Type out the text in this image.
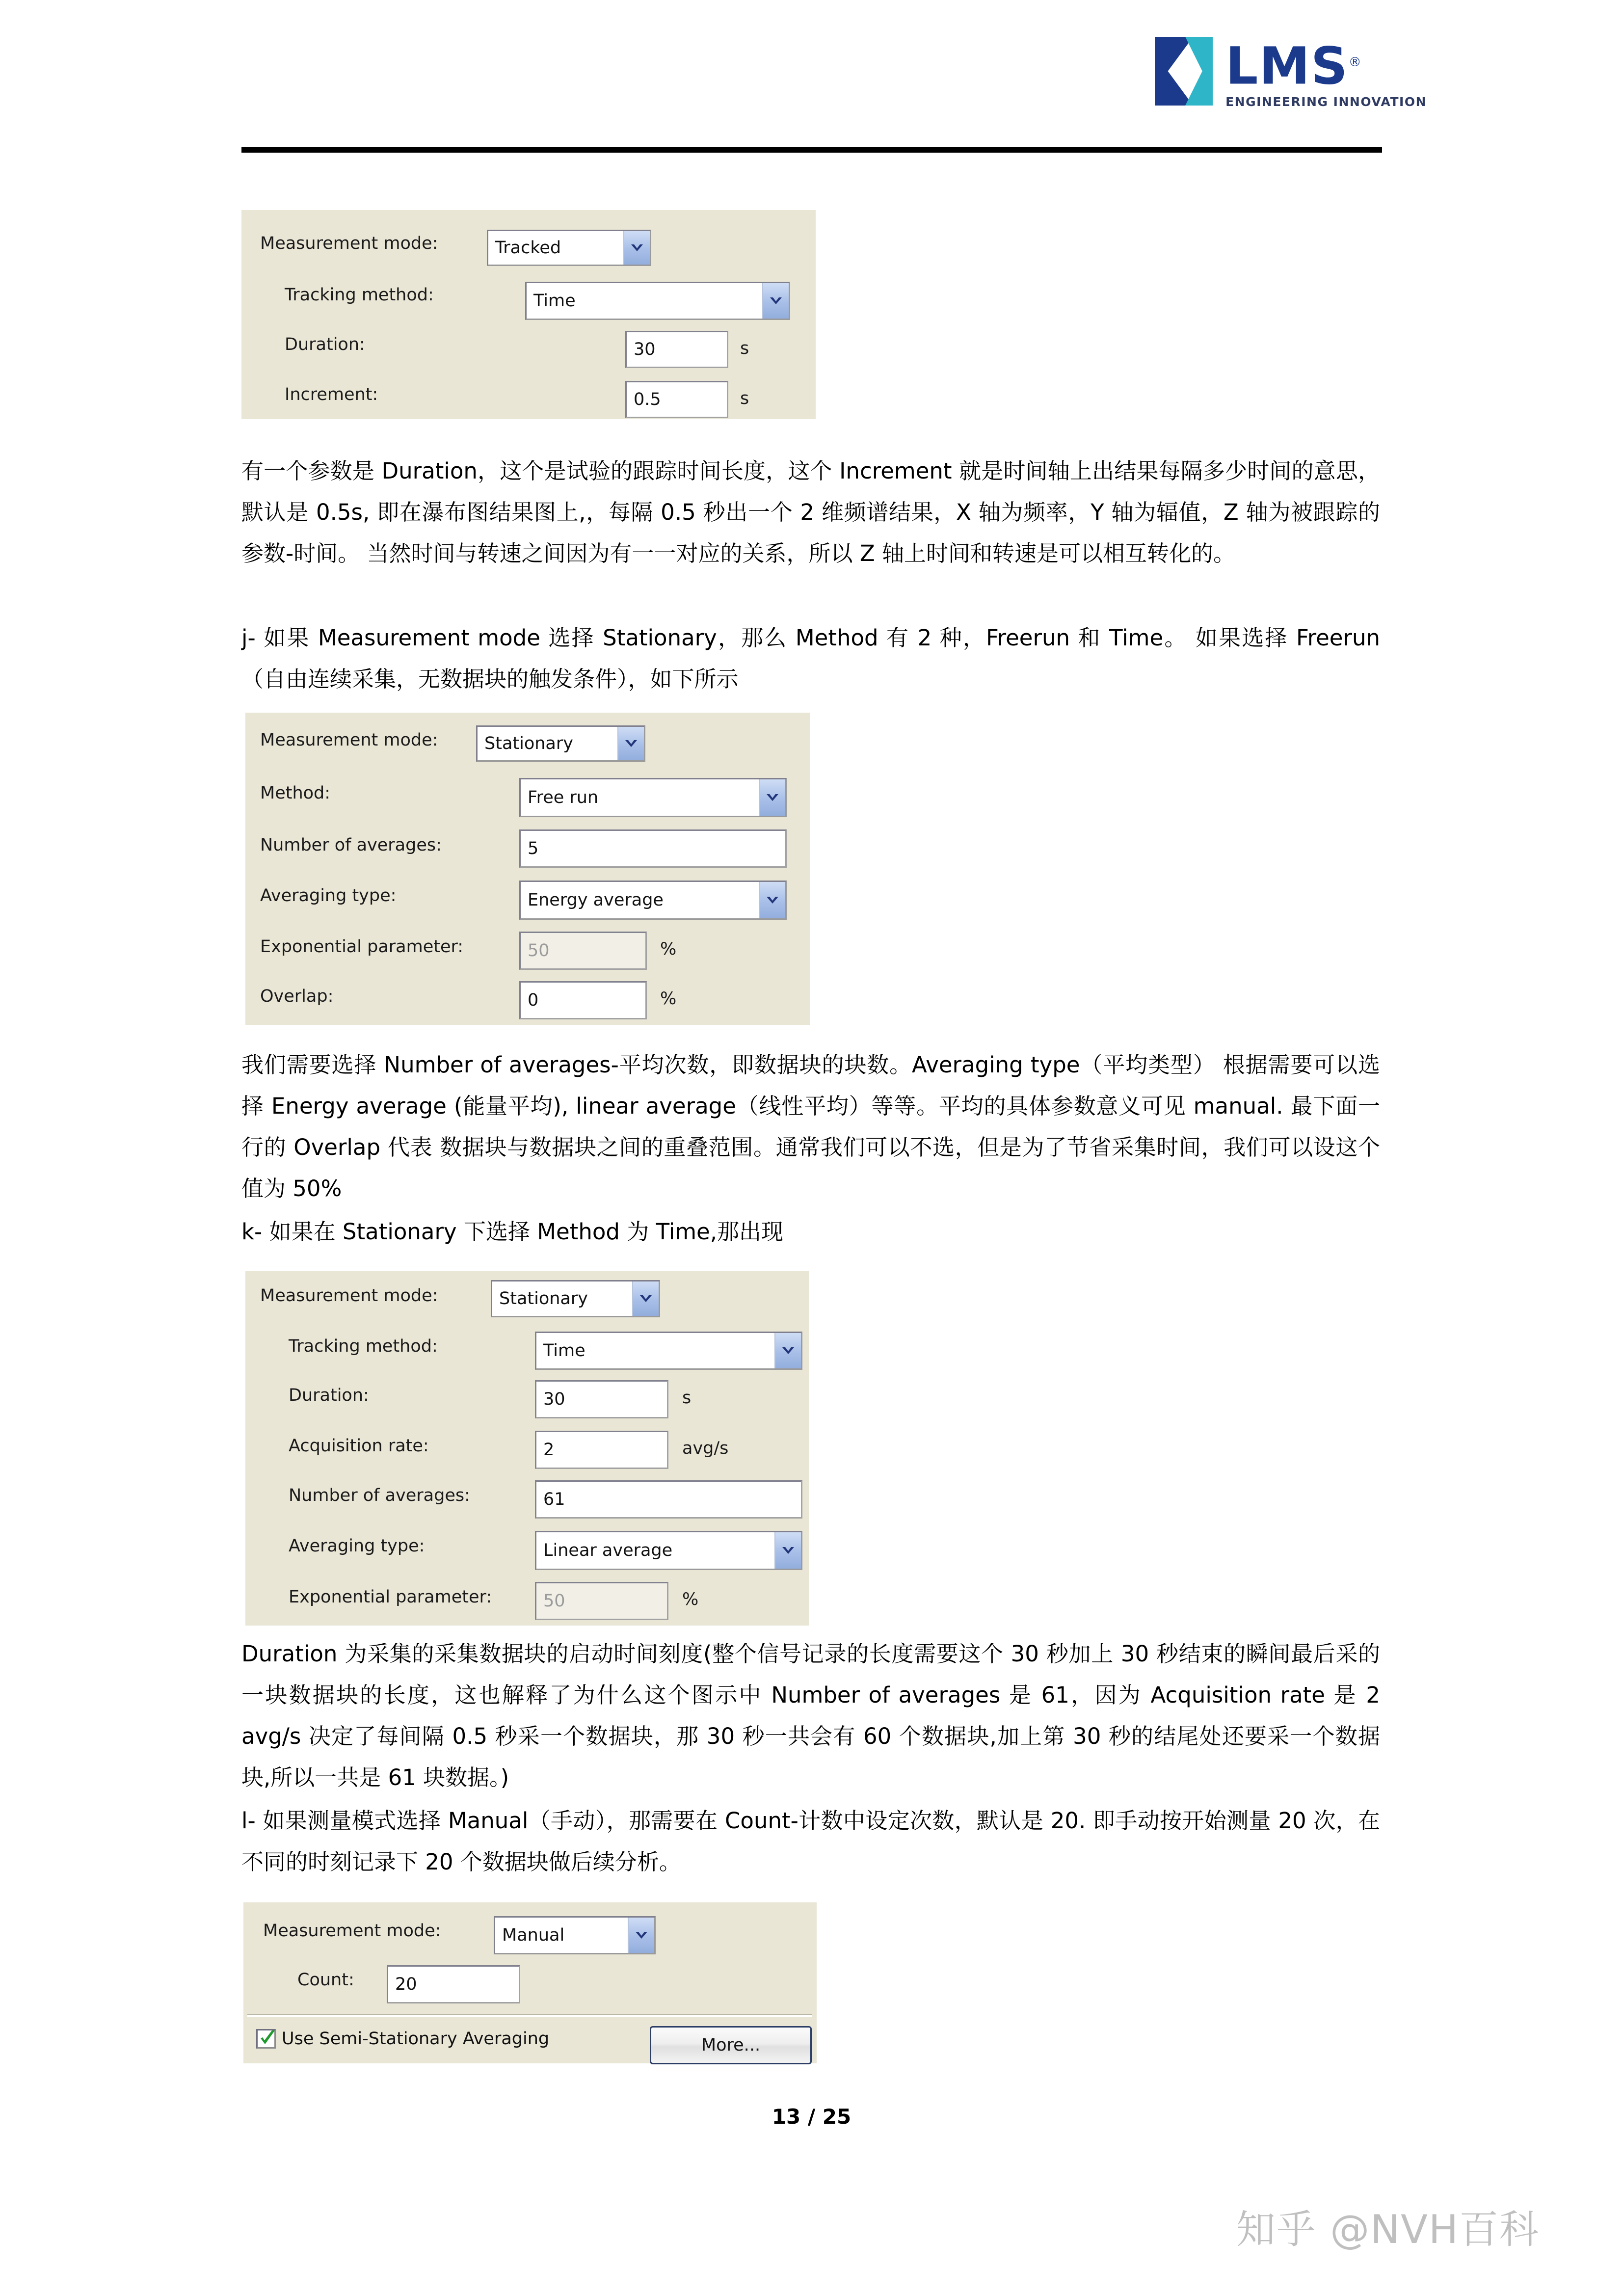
LMS®
ENGINEERING INNOVATION
Measurement mode:	Tracked
Tracking method:	Time
Duration:	30	s
Increment:	0.5	s
有一个参数是 Duration，这个是试验的跟踪时间长度，这个 Increment 就是时间轴上出结果每隔多少时间的意思， 默认是 0.5s, 即在瀑布图结果图上,，每隔 0.5 秒出一个 2 维频谱结果，X 轴为频率，Y 轴为辐值，Z 轴为被跟踪的参数-时间。 当然时间与转速之间因为有一一对应的关系，所以 Z 轴上时间和转速是可以相互转化的。
j- 如果 Measurement mode 选择 Stationary，那么 Method 有 2 种，Freerun 和 Time。 如果选择 Freerun（自由连续采集，无数据块的触发条件），如下所示
Measurement mode:	Stationary
Method:	Free run
Number of averages:	5
Averaging type:	Energy average
Exponential parameter:	50	%
Overlap:	0	%
我们需要选择 Number of averages-平均次数，即数据块的块数。Averaging type（平均类型） 根据需要可以选择 Energy average (能量平均), linear average（线性平均）等等。平均的具体参数意义可见 manual. 最下面一行的 Overlap 代表 数据块与数据块之间的重叠范围。通常我们可以不选，但是为了节省采集时间，我们可以设这个值为 50%
k- 如果在 Stationary 下选择 Method 为 Time,那出现
Measurement mode:	Stationary
Tracking method:	Time
Duration:	30	s
Acquisition rate:	2	avg/s
Number of averages:	61
Averaging type:	Linear average
Exponential parameter:	50	%
Duration 为采集的采集数据块的启动时间刻度(整个信号记录的长度需要这个 30 秒加上 30 秒结束的瞬间最后采的一块数据块的长度，这也解释了为什么这个图示中 Number of averages 是 61，因为 Acquisition rate 是 2 avg/s 决定了每间隔 0.5 秒采一个数据块，那 30 秒一共会有 60 个数据块,加上第 30 秒的结尾处还要采一个数据块,所以一共是 61 块数据。)
l- 如果测量模式选择 Manual（手动），那需要在 Count-计数中设定次数，默认是 20. 即手动按开始测量 20 次，在不同的时刻记录下 20 个数据块做后续分析。
Measurement mode:	Manual
Count:	20
Use Semi-Stationary Averaging	More...
13 / 25
知乎 @NVH百科
